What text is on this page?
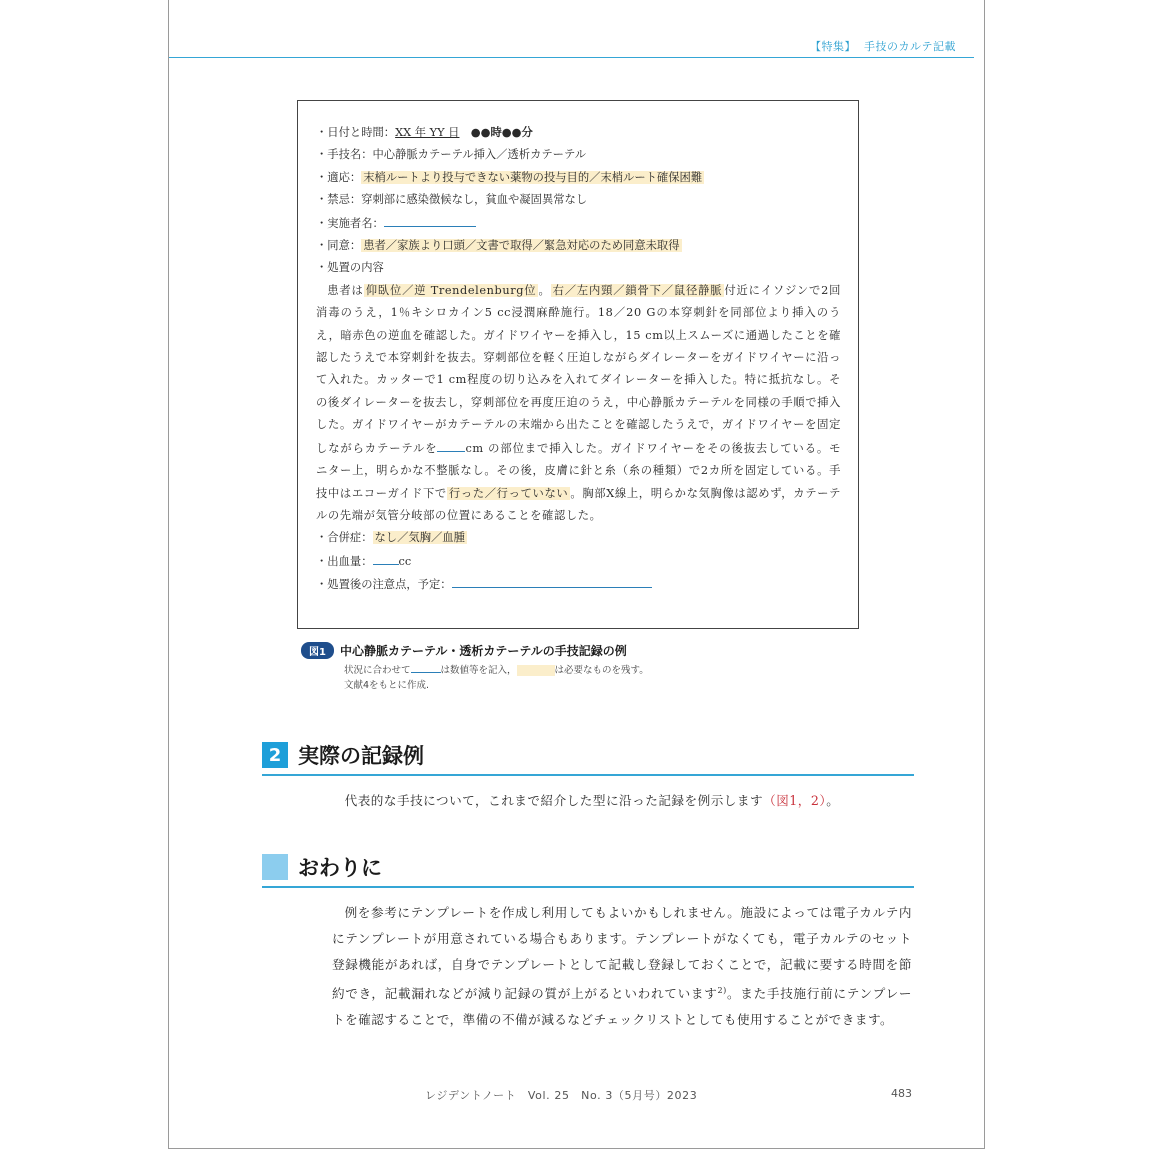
【特集】 手技のカルテ記載
・日付と時間：XX 年 YY 日　 ●●時●●分
・手技名：中心静脈カテーテル挿入／透析カテーテル
・適応： 末梢ルートより投与できない薬物の投与目的／末梢ルート確保困難
・禁忌：穿刺部に感染徴候なし，貧血や凝固異常なし
・実施者名：
・同意： 患者／家族より口頭／文書で取得／緊急対応のため同意未取得
・処置の内容
患者は 仰臥位／逆 Trendelenburg位 。 右／左内頸／鎖骨下／鼠径静脈 付近にイソジンで2回消毒のうえ，1％キシロカイン5 cc浸潤麻酔施行。18／20 Gの本穿刺針を同部位より挿入のうえ，暗赤色の逆血を確認した。ガイドワイヤーを挿入し，15 cm以上スムーズに通過したことを確認したうえで本穿刺針を抜去。穿刺部位を軽く圧迫しながらダイレーターをガイドワイヤーに沿って入れた。カッターで1 cm程度の切り込みを入れてダイレーターを挿入した。特に抵抗なし。その後ダイレーターを抜去し，穿刺部位を再度圧迫のうえ，中心静脈カテーテルを同様の手順で挿入した。ガイドワイヤーがカテーテルの末端から出たことを確認したうえで，ガイドワイヤーを固定しながらカテーテルを cm の部位まで挿入した。ガイドワイヤーをその後抜去している。モニター上，明らかな不整脈なし。その後，皮膚に針と糸（糸の種類）で2カ所を固定している。手技中はエコーガイド下で 行った／行っていない 。胸部X線上，明らかな気胸像は認めず，カテーテルの先端が気管分岐部の位置にあることを確認した。
・合併症： なし／気胸／血腫
・出血量： cc
・処置後の注意点，予定：
図1 中心静脈カテーテル・透析カテーテルの手技記録の例
状況に合わせて	は数値等を記入，	は必要なものを残す。
文献4をもとに作成.
2 実際の記録例
代表的な手技について，これまで紹介した型に沿った記録を例示します（図1，2）。
おわりに
例を参考にテンプレートを作成し利用してもよいかもしれません。施設によっては電子カルテ内にテンプレートが用意されている場合もあります。テンプレートがなくても，電子カルテのセット登録機能があれば，自身でテンプレートとして記載し登録しておくことで，記載に要する時間を節約でき，記載漏れなどが減り記録の質が上がるといわれています$^{2)}$。また手技施行前にテンプレートを確認することで，準備の不備が減るなどチェックリストとしても使用することができます。
レジデントノート　Vol. 25　No. 3（5月号）2023	483
